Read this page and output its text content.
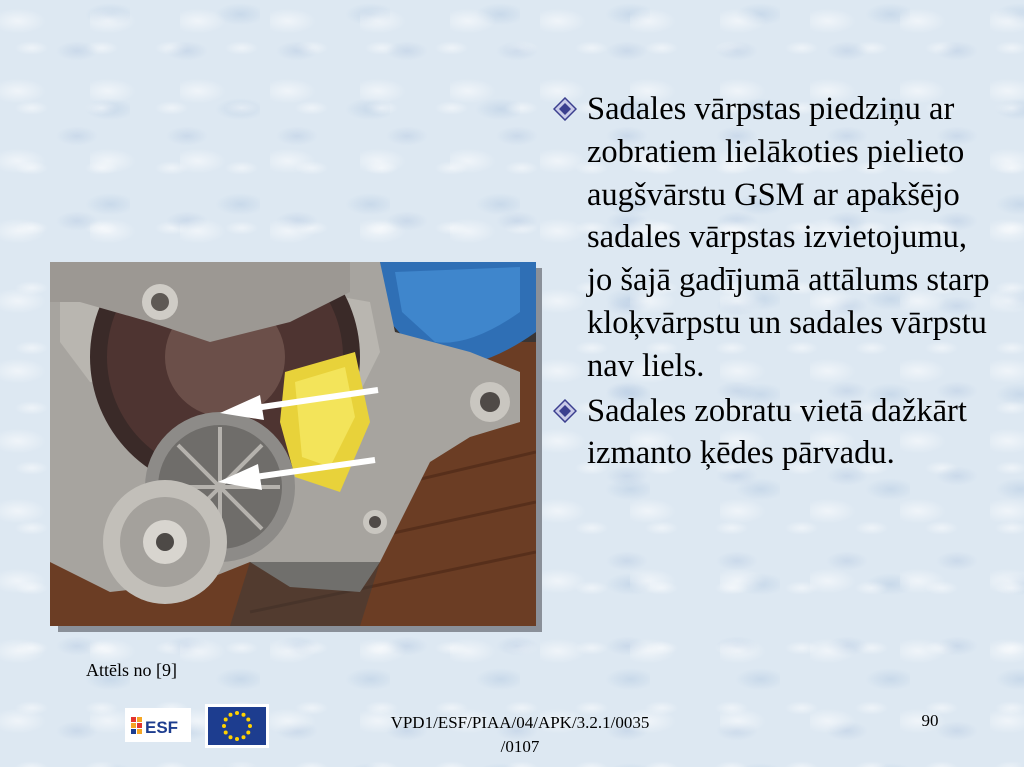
Sadales vārpstas piedziņu ar zobratiem lielākoties pielieto augšvārstu GSM ar apakšējo sadales vārpstas izvietojumu, jo šajā gadījumā attālums starp kloķvārpstu un sadales vārpstu nav liels.
Sadales zobratu vietā dažkārt izmanto ķēdes pārvadu.
Attēls no [9]
ESF	VPD1/ESF/PIAA/04/APK/3.2.1/0035
/0107
90
